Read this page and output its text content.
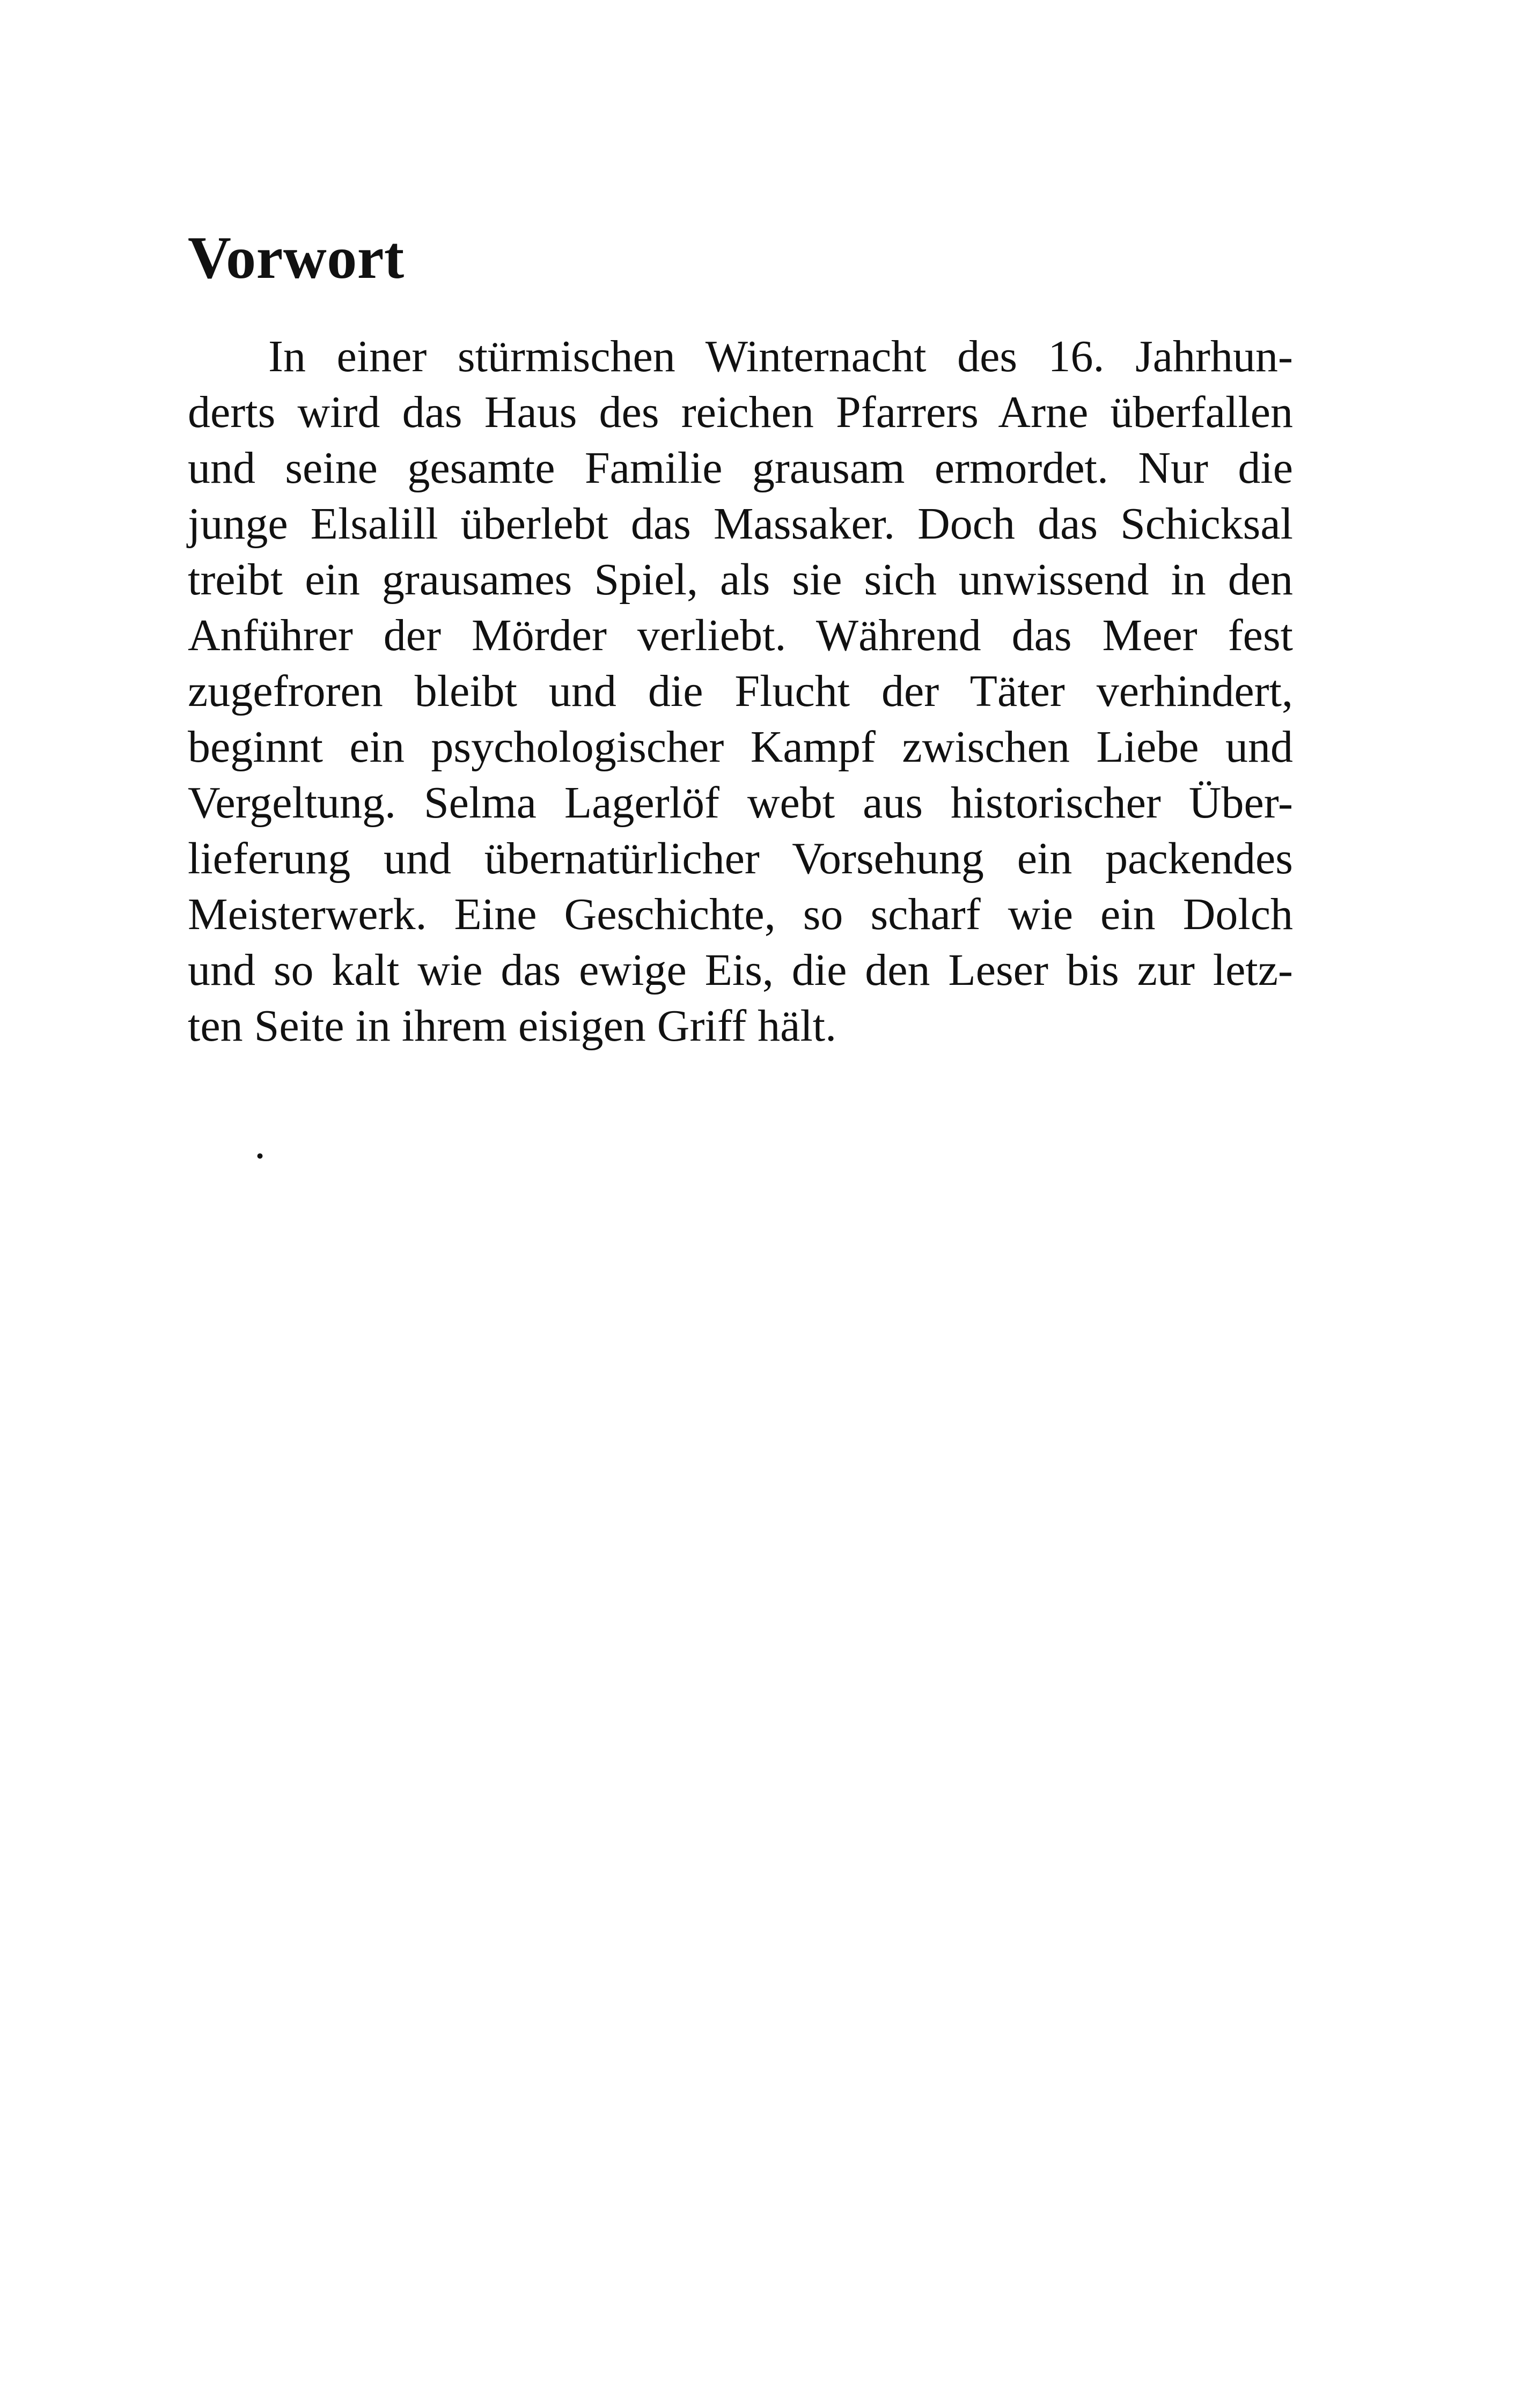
Vorwort
In einer stürmischen Winternacht des 16. Jahrhun-
derts wird das Haus des reichen Pfarrers Arne überfallen
und seine gesamte Familie grausam ermordet. Nur die
junge Elsalill überlebt das Massaker. Doch das Schicksal
treibt ein grausames Spiel, als sie sich unwissend in den
Anführer der Mörder verliebt. Während das Meer fest
zugefroren bleibt und die Flucht der Täter verhindert,
beginnt ein psychologischer Kampf zwischen Liebe und
Vergeltung. Selma Lagerlöf webt aus historischer Über-
lieferung und übernatürlicher Vorsehung ein packendes
Meisterwerk. Eine Geschichte, so scharf wie ein Dolch
und so kalt wie das ewige Eis, die den Leser bis zur letz-
ten Seite in ihrem eisigen Griff hält.
.
